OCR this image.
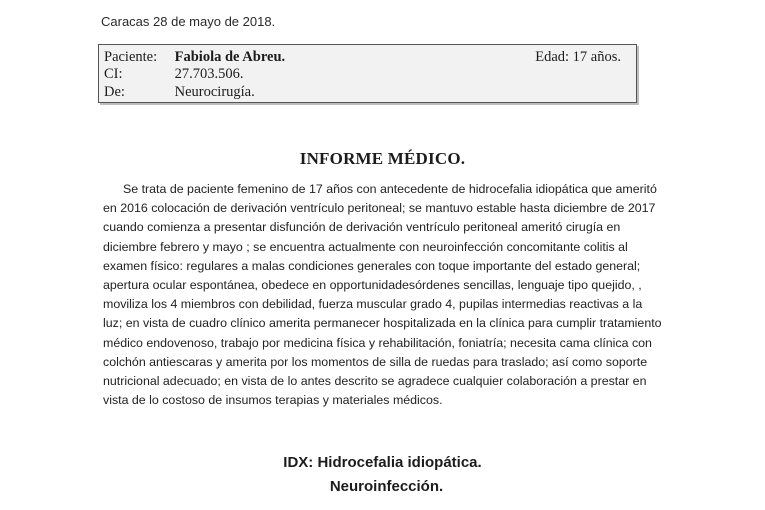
Caracas 28 de mayo de 2018.
Paciente: Fabiola de Abreu.	Edad: 17 años.
CI:	27.703.506.
De:	Neurocirugía.
INFORME MÉDICO.
Se trata de paciente femenino de 17 años con antecedente de hidrocefalia idiopática que ameritó en 2016 colocación de derivación ventrículo peritoneal; se mantuvo estable hasta diciembre de 2017 cuando comienza a presentar disfunción de derivación ventrículo peritoneal ameritó cirugía en diciembre febrero y mayo ; se encuentra actualmente con neuroinfección concomitante colitis al examen físico: regulares a malas condiciones generales con toque importante del estado general; apertura ocular espontánea, obedece en opportunidadesórdenes sencillas, lenguaje tipo quejido, , moviliza los 4 miembros con debilidad, fuerza muscular grado 4, pupilas intermedias reactivas a la luz; en vista de cuadro clínico amerita permanecer hospitalizada en la clínica para cumplir tratamiento médico endovenoso, trabajo por medicina física y rehabilitación, foniatría; necesita cama clínica con colchón antiescaras y amerita por los momentos de silla de ruedas para traslado; así como soporte nutricional adecuado; en vista de lo antes descrito se agradece cualquier colaboración a prestar en vista de lo costoso de insumos terapias y materiales médicos.
IDX: Hidrocefalia idiopática.
Neuroinfección.
